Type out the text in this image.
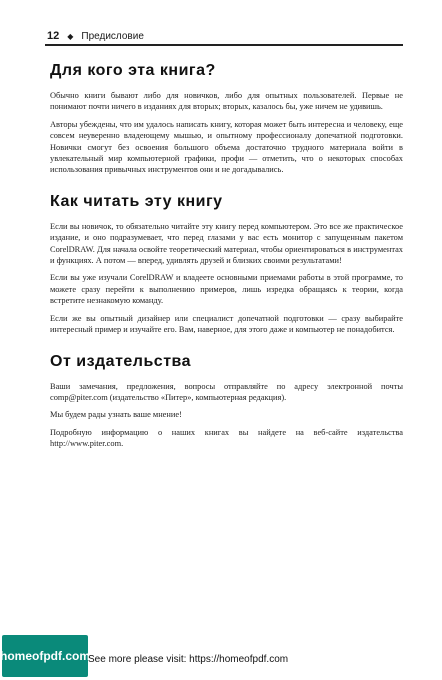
12 ◆ Предисловие
Для кого эта книга?

Обычно книги бывают либо для новичков, либо для опытных пользователей. Первые не понимают почти ничего в изданиях для вторых; вторых, казалось бы, уже ничем не удивишь.

Авторы убеждены, что им удалось написать книгу, которая может быть интересна и человеку, еще совсем неуверенно владеющему мышью, и опытному профессионалу допечатной подготовки. Новички смогут без освоения большого объема достаточно трудного материала войти в увлекательный мир компьютерной графики, профи — отметить, что о некоторых способах использования привычных инструментов они и не догадывались.

Как читать эту книгу

Если вы новичок, то обязательно читайте эту книгу перед компьютером. Это все же практическое издание, и оно подразумевает, что перед глазами у вас есть монитор с запущенным пакетом CorelDRAW. Для начала освойте теоретический материал, чтобы ориентироваться в инструментах и функциях. А потом — вперед, удивлять друзей и близких своими результатами!

Если вы уже изучали CorelDRAW и владеете основными приемами работы в этой программе, то можете сразу перейти к выполнению примеров, лишь изредка обращаясь к теории, когда встретите незнакомую команду.

Если же вы опытный дизайнер или специалист допечатной подготовки — сразу выбирайте интересный пример и изучайте его. Вам, наверное, для этого даже и компьютер не понадобится.

От издательства

Ваши замечания, предложения, вопросы отправляйте по адресу электронной почты comp@piter.com (издательство «Питер», компьютерная редакция).

Мы будем рады узнать ваше мнение!

Подробную информацию о наших книгах вы найдете на веб-сайте издательства http://www.piter.com.

homeofpdf.com
See more please visit: https://homeofpdf.com
